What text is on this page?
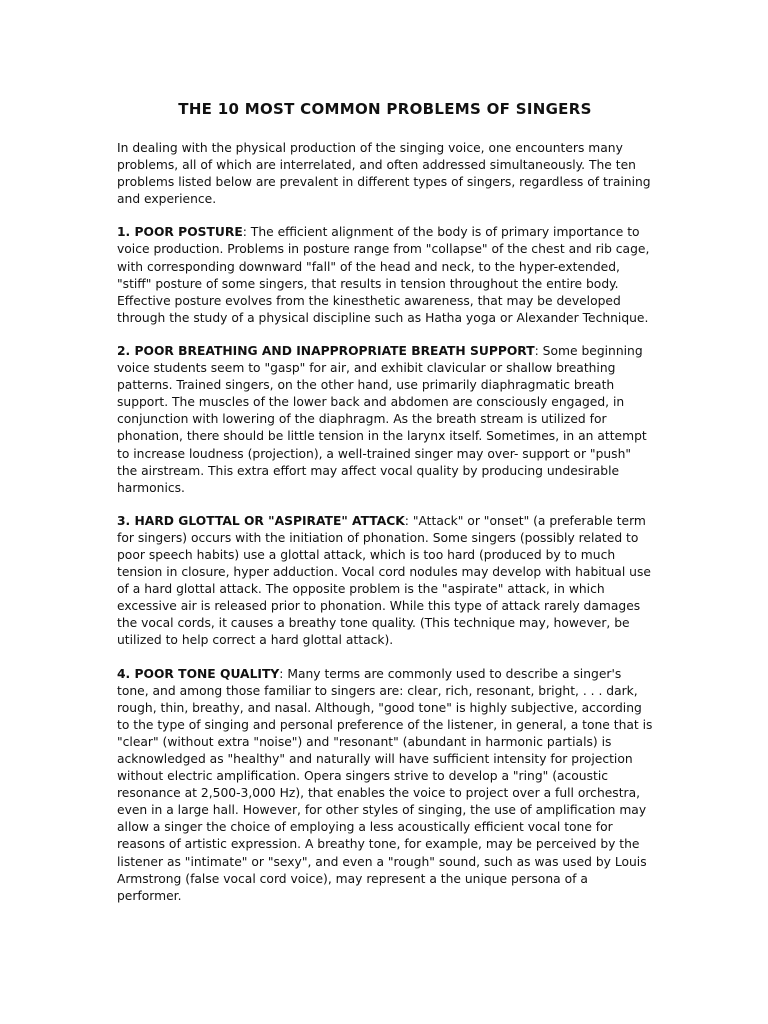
THE 10 MOST COMMON PROBLEMS OF SINGERS

In dealing with the physical production of the singing voice, one encounters many problems, all of which are interrelated, and often addressed simultaneously. The ten problems listed below are prevalent in different types of singers, regardless of training and experience.

1. POOR POSTURE: The efficient alignment of the body is of primary importance to voice production. Problems in posture range from "collapse" of the chest and rib cage, with corresponding downward "fall" of the head and neck, to the hyper-extended, "stiff" posture of some singers, that results in tension throughout the entire body. Effective posture evolves from the kinesthetic awareness, that may be developed through the study of a physical discipline such as Hatha yoga or Alexander Technique.

2. POOR BREATHING AND INAPPROPRIATE BREATH SUPPORT: Some beginning voice students seem to "gasp" for air, and exhibit clavicular or shallow breathing patterns. Trained singers, on the other hand, use primarily diaphragmatic breath support. The muscles of the lower back and abdomen are consciously engaged, in conjunction with lowering of the diaphragm. As the breath stream is utilized for phonation, there should be little tension in the larynx itself. Sometimes, in an attempt to increase loudness (projection), a well-trained singer may over- support or "push" the airstream. This extra effort may affect vocal quality by producing undesirable harmonics.

3. HARD GLOTTAL OR "ASPIRATE" ATTACK: "Attack" or "onset" (a preferable term for singers) occurs with the initiation of phonation. Some singers (possibly related to poor speech habits) use a glottal attack, which is too hard (produced by to much tension in closure, hyper adduction. Vocal cord nodules may develop with habitual use of a hard glottal attack. The opposite problem is the "aspirate" attack, in which excessive air is released prior to phonation. While this type of attack rarely damages the vocal cords, it causes a breathy tone quality. (This technique may, however, be utilized to help correct a hard glottal attack).

4. POOR TONE QUALITY: Many terms are commonly used to describe a singer's tone, and among those familiar to singers are: clear, rich, resonant, bright, . . . dark, rough, thin, breathy, and nasal. Although, "good tone" is highly subjective, according to the type of singing and personal preference of the listener, in general, a tone that is "clear" (without extra "noise") and "resonant" (abundant in harmonic partials) is acknowledged as "healthy" and naturally will have sufficient intensity for projection without electric amplification. Opera singers strive to develop a "ring" (acoustic resonance at 2,500-3,000 Hz), that enables the voice to project over a full orchestra, even in a large hall. However, for other styles of singing, the use of amplification may allow a singer the choice of employing a less acoustically efficient vocal tone for reasons of artistic expression. A breathy tone, for example, may be perceived by the listener as "intimate" or "sexy", and even a "rough" sound, such as was used by Louis Armstrong (false vocal cord voice), may represent a the unique persona of a performer.
